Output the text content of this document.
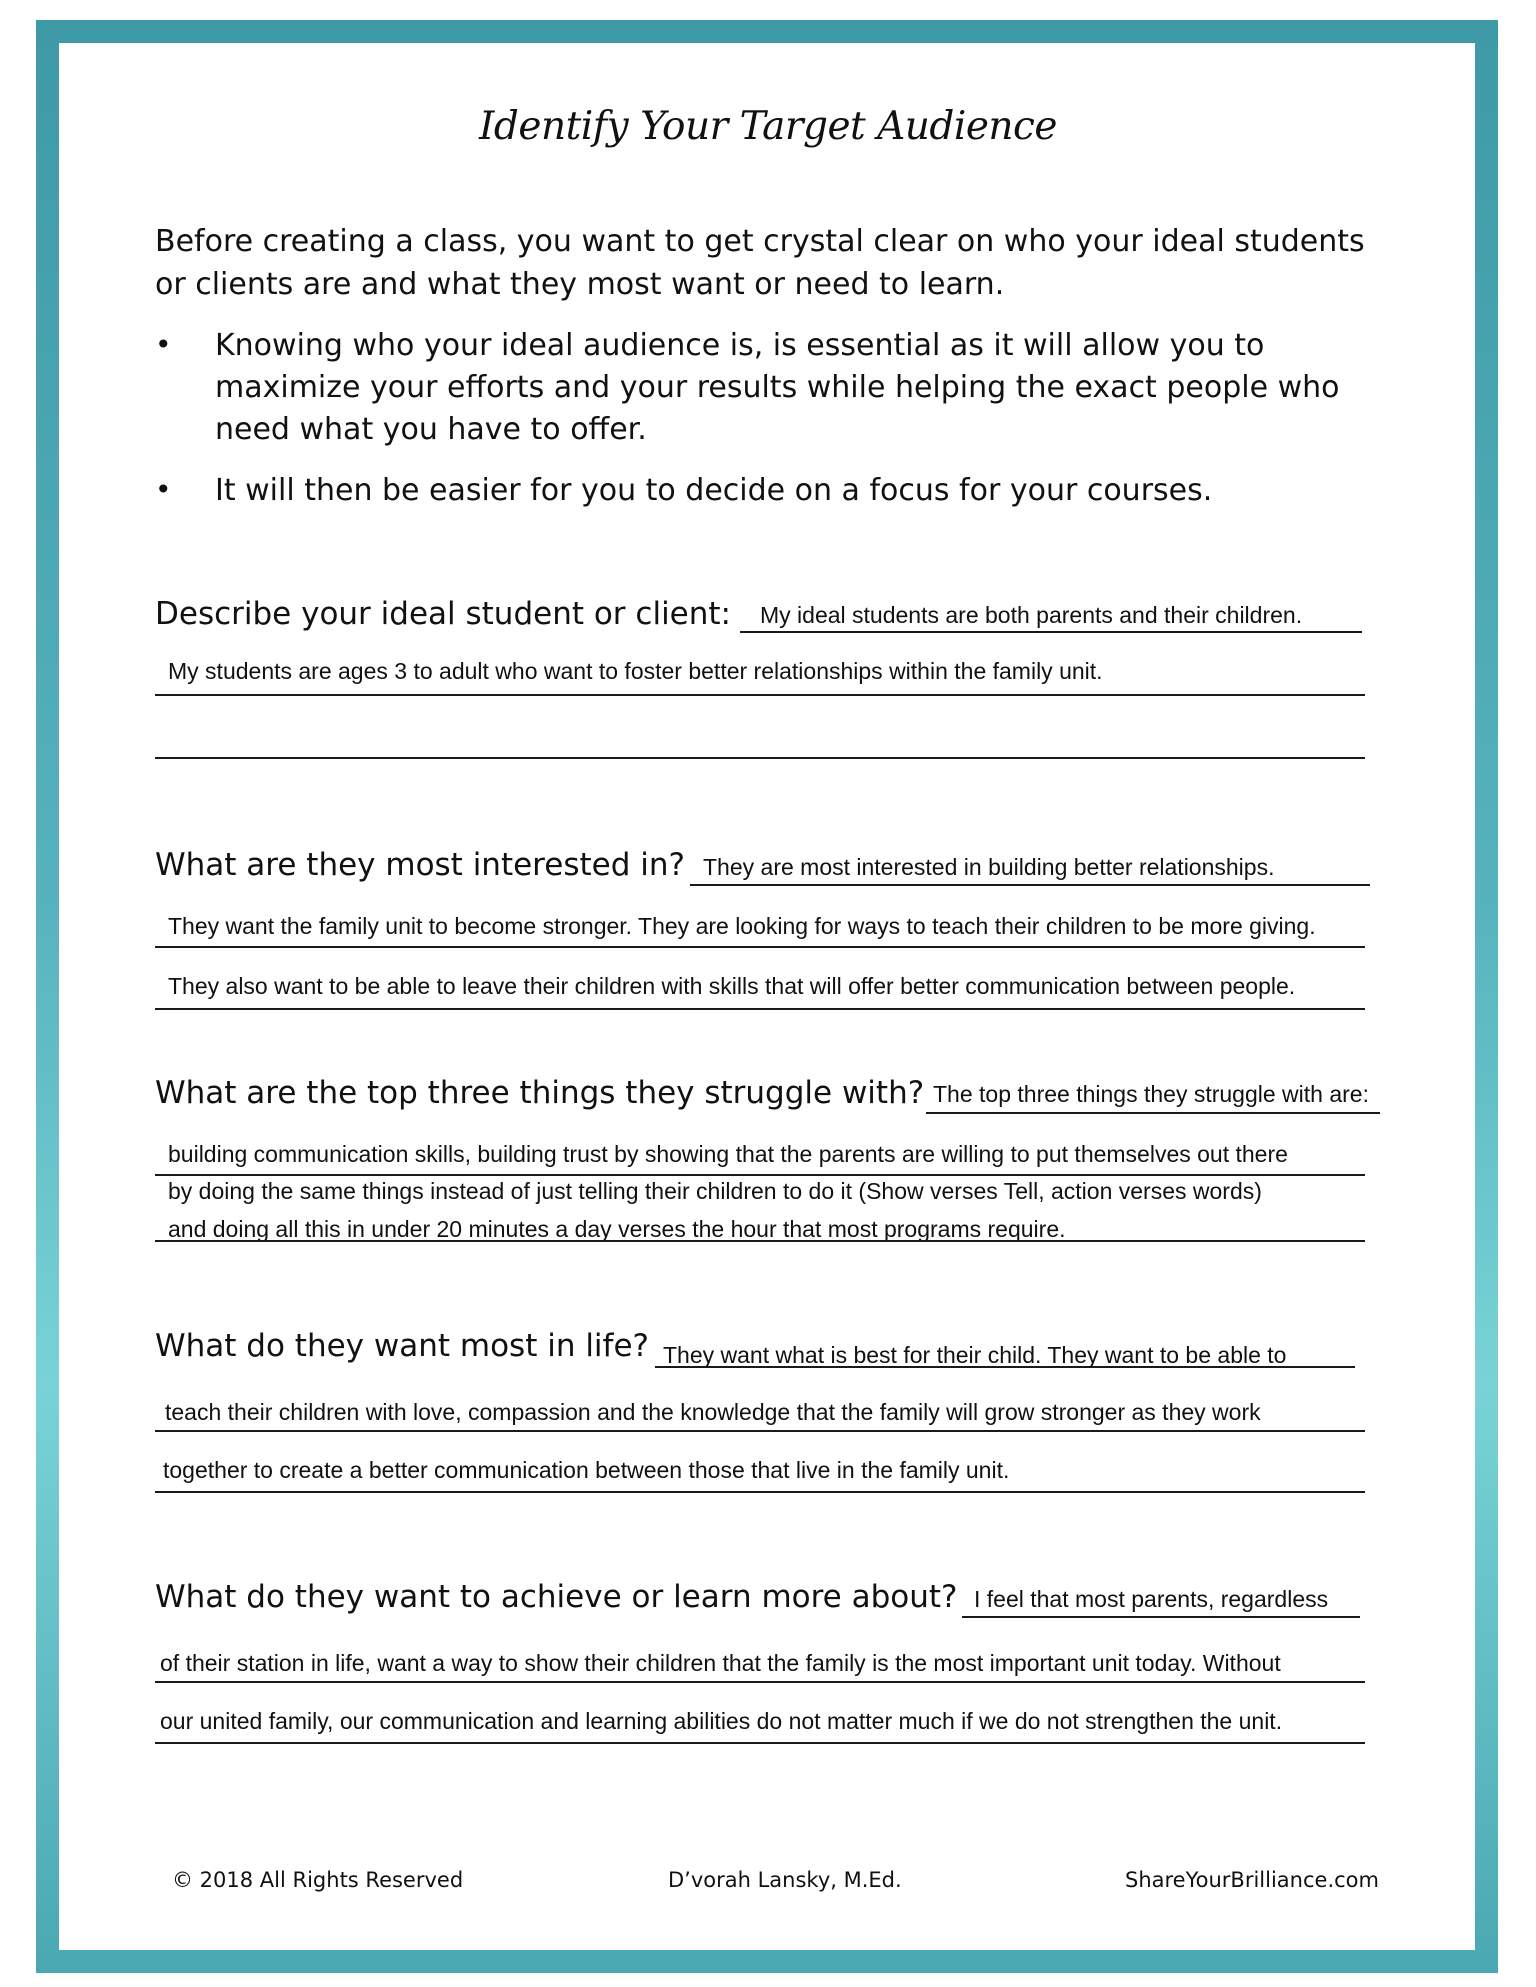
Identify Your Target Audience
Before creating a class, you want to get crystal clear on who your ideal students or clients are and what they most want or need to learn.
• Knowing who your ideal audience is, is essential as it will allow you to maximize your efforts and your results while helping the exact people who need what you have to offer.
• It will then be easier for you to decide on a focus for your courses.
Describe your ideal student or client: My ideal students are both parents and their children.
My students are ages 3 to adult who want to foster better relationships within the family unit.
What are they most interested in? They are most interested in building better relationships.
They want the family unit to become stronger. They are looking for ways to teach their children to be more giving.
They also want to be able to leave their children with skills that will offer better communication between people.
What are the top three things they struggle with? The top three things they struggle with are:
building communication skills, building trust by showing that the parents are willing to put themselves out there
by doing the same things instead of just telling their children to do it (Show verses Tell, action verses words)
and doing all this in under 20 minutes a day verses the hour that most programs require.
What do they want most in life? They want what is best for their child. They want to be able to
teach their children with love, compassion and the knowledge that the family will grow stronger as they work
together to create a better communication between those that live in the family unit.
What do they want to achieve or learn more about? I feel that most parents, regardless
of their station in life, want a way to show their children that the family is the most important unit today. Without
our united family, our communication and learning abilities do not matter much if we do not strengthen the unit.
© 2018 All Rights Reserved	D’vorah Lansky, M.Ed.	ShareYourBrilliance.com
